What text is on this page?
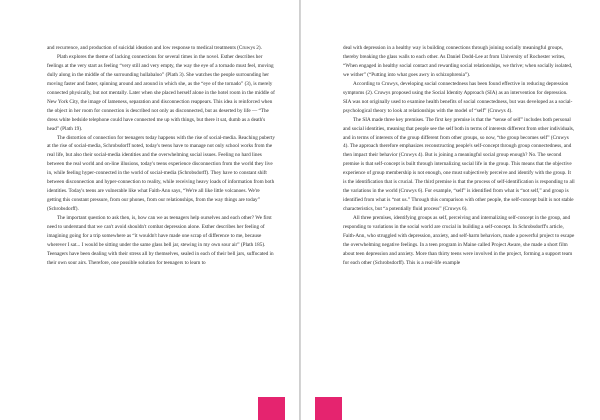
and recurrence, and production of suicidal ideation and low response to medical treatments (Cruwys 2).

Plath explores the theme of lacking connections for several times in the novel. Esther describes her feelings at the very start as feeling “very still and very empty, the way the eye of a tornado must feel, moving dully along in the middle of the surrounding hullabaloo” (Plath 3). She watches the people surrounding her moving faster and faster, spinning around and around in which she, as the “eye of the tornado” (3), is merely connected physically, but not mentally. Later when she placed herself alone in the hotel room in the middle of New York City, the image of lameness, separation and disconnection reappears. This idea is reinforced when the object in her room for connection is described not only as disconnected, but as deserted by life — “The dress white bedside telephone could have connected me up with things, but there it sat, dumb as a death's head” (Plath 19).

The distortion of connection for teenagers today happens with the rise of social-media. Reaching puberty at the rise of social-media, Schrobsdorff noted, today's teens have to manage not only school works from the real life, but also their social-media identities and the overwhelming social issues. Feeling no hard lines between the real world and on-line illusions, today's teens experience disconnection from the world they live in, while feeling hyper-connected in the world of social-media (Schrobsdorff). They have to constant shift between disconnection and hyper-connection to reality, while receiving heavy loads of information from both identities. Today's teens are vulnerable like what Faith-Ann says, “We're all like little volcanoes. We're getting this constant pressure, from our phones, from our relationships, from the way things are today” (Schrobsdorff).

The important question to ask then, is, how can we as teenagers help ourselves and each other? We first need to understand that we can't avoid shouldn't combat depression alone. Esther describes her feeling of imagining going for a trip somewhere as “it wouldn't have made one scrap of difference to me, because wherever I sat... I would be sitting under the same glass bell jar, stewing in my own sour air” (Plath 185). Teenagers have been dealing with their stress all by themselves, sealed in each of their bell jars, suffocated in their own sour airs. Therefore, one possible solution for teenagers to learn to

deal with depression in a healthy way is building connections through joining socially meaningful groups, thereby breaking the glass walls to each other. As Daniel Dodd-Lee at from University of Rochester writes, “When engaged in healthy social contact and rewarding social relationships, we thrive; when socially isolated, we wither” (“Putting into what goes awry in schizophrenia”).

According to Cruwys, developing social connectedness has been found effective in reducing depression symptoms (2). Cruwys proposed using the Social Identity Approach (SIA) as an intervention for depression. SIA was not originally used to examine health benefits of social connectedness, but was developed as a social-psychological theory to look at relationships with the model of “self” (Cruwys 4).

The SIA made three key premises. The first key premise is that the “sense of self” includes both personal and social identities, meaning that people see the self both in terms of interests different from other individuals, and in terms of interests of the group different from other groups, so now, “the group becomes self” (Cruwys 4). The approach therefore emphasizes reconstructing people's self-concept through group connectedness, and then impact their behavior (Cruwys 4). But is joining a meaningful social group enough? No. The second premise is that self-concept is built through internalizing social life in the group. This means that the objective experience of group membership is not enough, one must subjectively perceive and identify with the group. It is the identification that is crucial. The third premise is that the process of self-identification is responding to all the variations in the world (Cruwys 6). For example, “self” is identified from what is “not self,” and group is identified from what is “not us.” Through this comparison with other people, the self-concept built is not stable characteristics, but “a potentially fluid process” (Cruwys 6).

All three premises, identifying groups as self, perceiving and internalizing self-concept in the group, and responding to variations in the social world are crucial in building a self-concept. In Schrobsdorff's article, Faith-Ann, who struggled with depression, anxiety, and self-harm behaviors, made a powerful project to escape the overwhelming negative feelings. In a teen program in Maine called Project Aware, she made a short film about teen depression and anxiety. More than thirty teens were involved in the project, forming a support team for each other (Schrobsdorff). This is a real-life example
